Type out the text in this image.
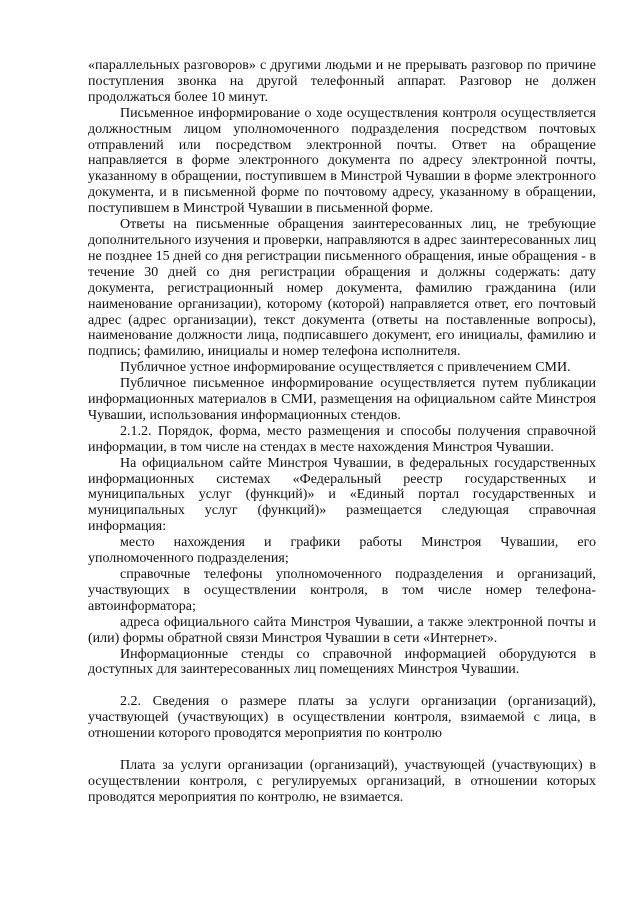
«параллельных разговоров» с другими людьми и не прерывать разговор по причине поступления звонка на другой телефонный аппарат. Разговор не должен продолжаться более 10 минут.

Письменное информирование о ходе осуществления контроля осуществляется должностным лицом уполномоченного подразделения посредством почтовых отправлений или посредством электронной почты. Ответ на обращение направляется в форме электронного документа по адресу электронной почты, указанному в обращении, поступившем в Минстрой Чувашии в форме электронного документа, и в письменной форме по почтовому адресу, указанному в обращении, поступившем в Минстрой Чувашии в письменной форме.

Ответы на письменные обращения заинтересованных лиц, не требующие дополнительного изучения и проверки, направляются в адрес заинтересованных лиц не позднее 15 дней со дня регистрации письменного обращения, иные обращения - в течение 30 дней со дня регистрации обращения и должны содержать: дату документа, регистрационный номер документа, фамилию гражданина (или наименование организации), которому (которой) направляется ответ, его почтовый адрес (адрес организации), текст документа (ответы на поставленные вопросы), наименование должности лица, подписавшего документ, его инициалы, фамилию и подпись; фамилию, инициалы и номер телефона исполнителя.

Публичное устное информирование осуществляется с привлечением СМИ.

Публичное письменное информирование осуществляется путем публикации информационных материалов в СМИ, размещения на официальном сайте Минстроя Чувашии, использования информационных стендов.

2.1.2. Порядок, форма, место размещения и способы получения справочной информации, в том числе на стендах в месте нахождения Минстроя Чувашии.

На официальном сайте Минстроя Чувашии, в федеральных государственных информационных системах «Федеральный реестр государственных и муниципальных услуг (функций)» и «Единый портал государственных и муниципальных услуг (функций)» размещается следующая справочная информация:

место нахождения и графики работы Минстроя Чувашии, его уполномоченного подразделения;

справочные телефоны уполномоченного подразделения и организаций, участвующих в осуществлении контроля, в том числе номер телефона-автоинформатора;

адреса официального сайта Минстроя Чувашии, а также электронной почты и (или) формы обратной связи Минстроя Чувашии в сети «Интернет».

Информационные стенды со справочной информацией оборудуются в доступных для заинтересованных лиц помещениях Минстроя Чувашии.

2.2. Сведения о размере платы за услуги организации (организаций), участвующей (участвующих) в осуществлении контроля, взимаемой с лица, в отношении которого проводятся мероприятия по контролю

Плата за услуги организации (организаций), участвующей (участвующих) в осуществлении контроля, с регулируемых организаций, в отношении которых проводятся мероприятия по контролю, не взимается.
